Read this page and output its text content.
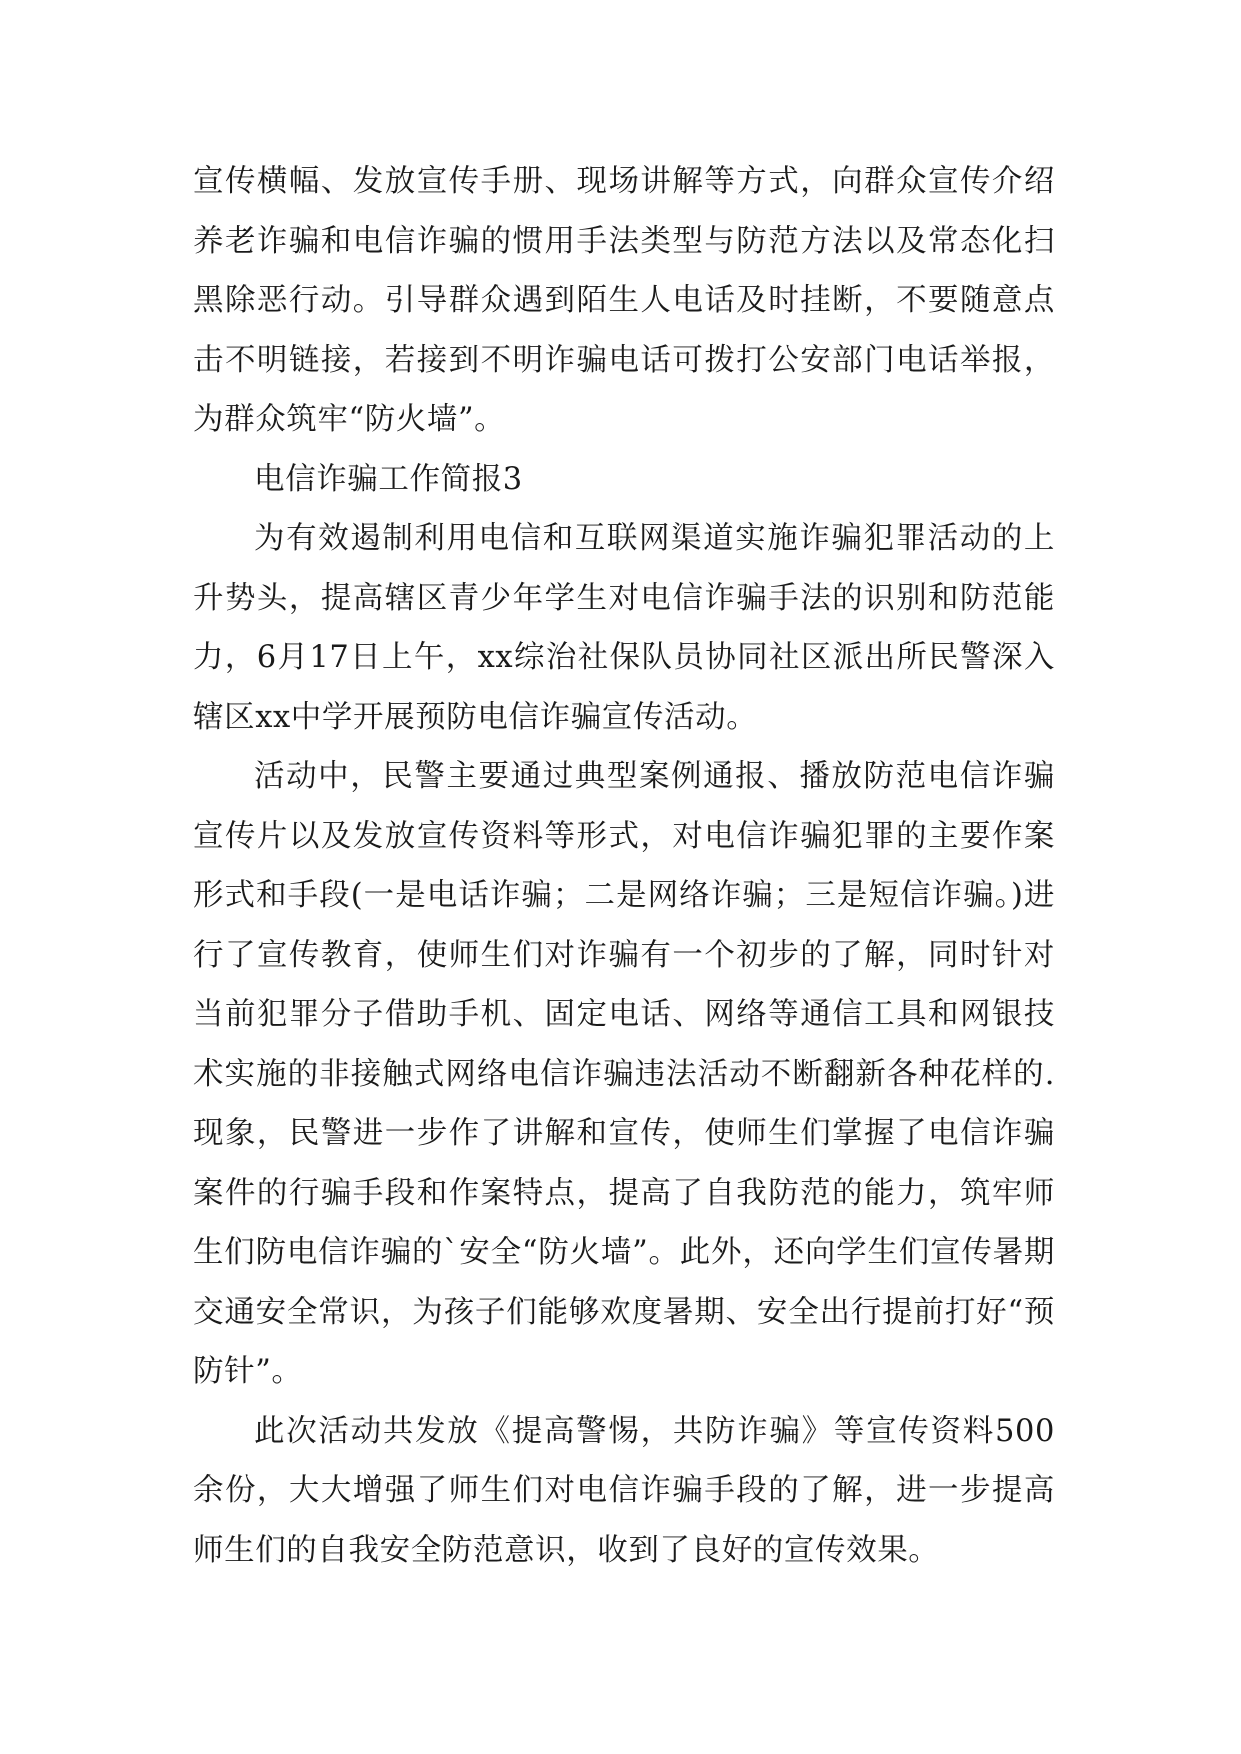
宣传横幅、发放宣传手册、现场讲解等方式，向群众宣传介绍养老诈骗和电信诈骗的惯用手法类型与防范方法以及常态化扫黑除恶行动。引导群众遇到陌生人电话及时挂断，不要随意点击不明链接，若接到不明诈骗电话可拨打公安部门电话举报，为群众筑牢“防火墙”。

电信诈骗工作简报3

为有效遏制利用电信和互联网渠道实施诈骗犯罪活动的上升势头，提高辖区青少年学生对电信诈骗手法的识别和防范能力，6月17日上午，xx综治社保队员协同社区派出所民警深入辖区xx中学开展预防电信诈骗宣传活动。

活动中，民警主要通过典型案例通报、播放防范电信诈骗宣传片以及发放宣传资料等形式，对电信诈骗犯罪的主要作案形式和手段(一是电话诈骗；二是网络诈骗；三是短信诈骗。)进行了宣传教育，使师生们对诈骗有一个初步的了解，同时针对当前犯罪分子借助手机、固定电话、网络等通信工具和网银技术实施的非接触式网络电信诈骗违法活动不断翻新各种花样的.现象，民警进一步作了讲解和宣传，使师生们掌握了电信诈骗案件的行骗手段和作案特点，提高了自我防范的能力，筑牢师生们防电信诈骗的`安全“防火墙”。此外，还向学生们宣传暑期交通安全常识，为孩子们能够欢度暑期、安全出行提前打好“预防针”。

此次活动共发放《提高警惕，共防诈骗》等宣传资料500余份，大大增强了师生们对电信诈骗手段的了解，进一步提高师生们的自我安全防范意识，收到了良好的宣传效果。
